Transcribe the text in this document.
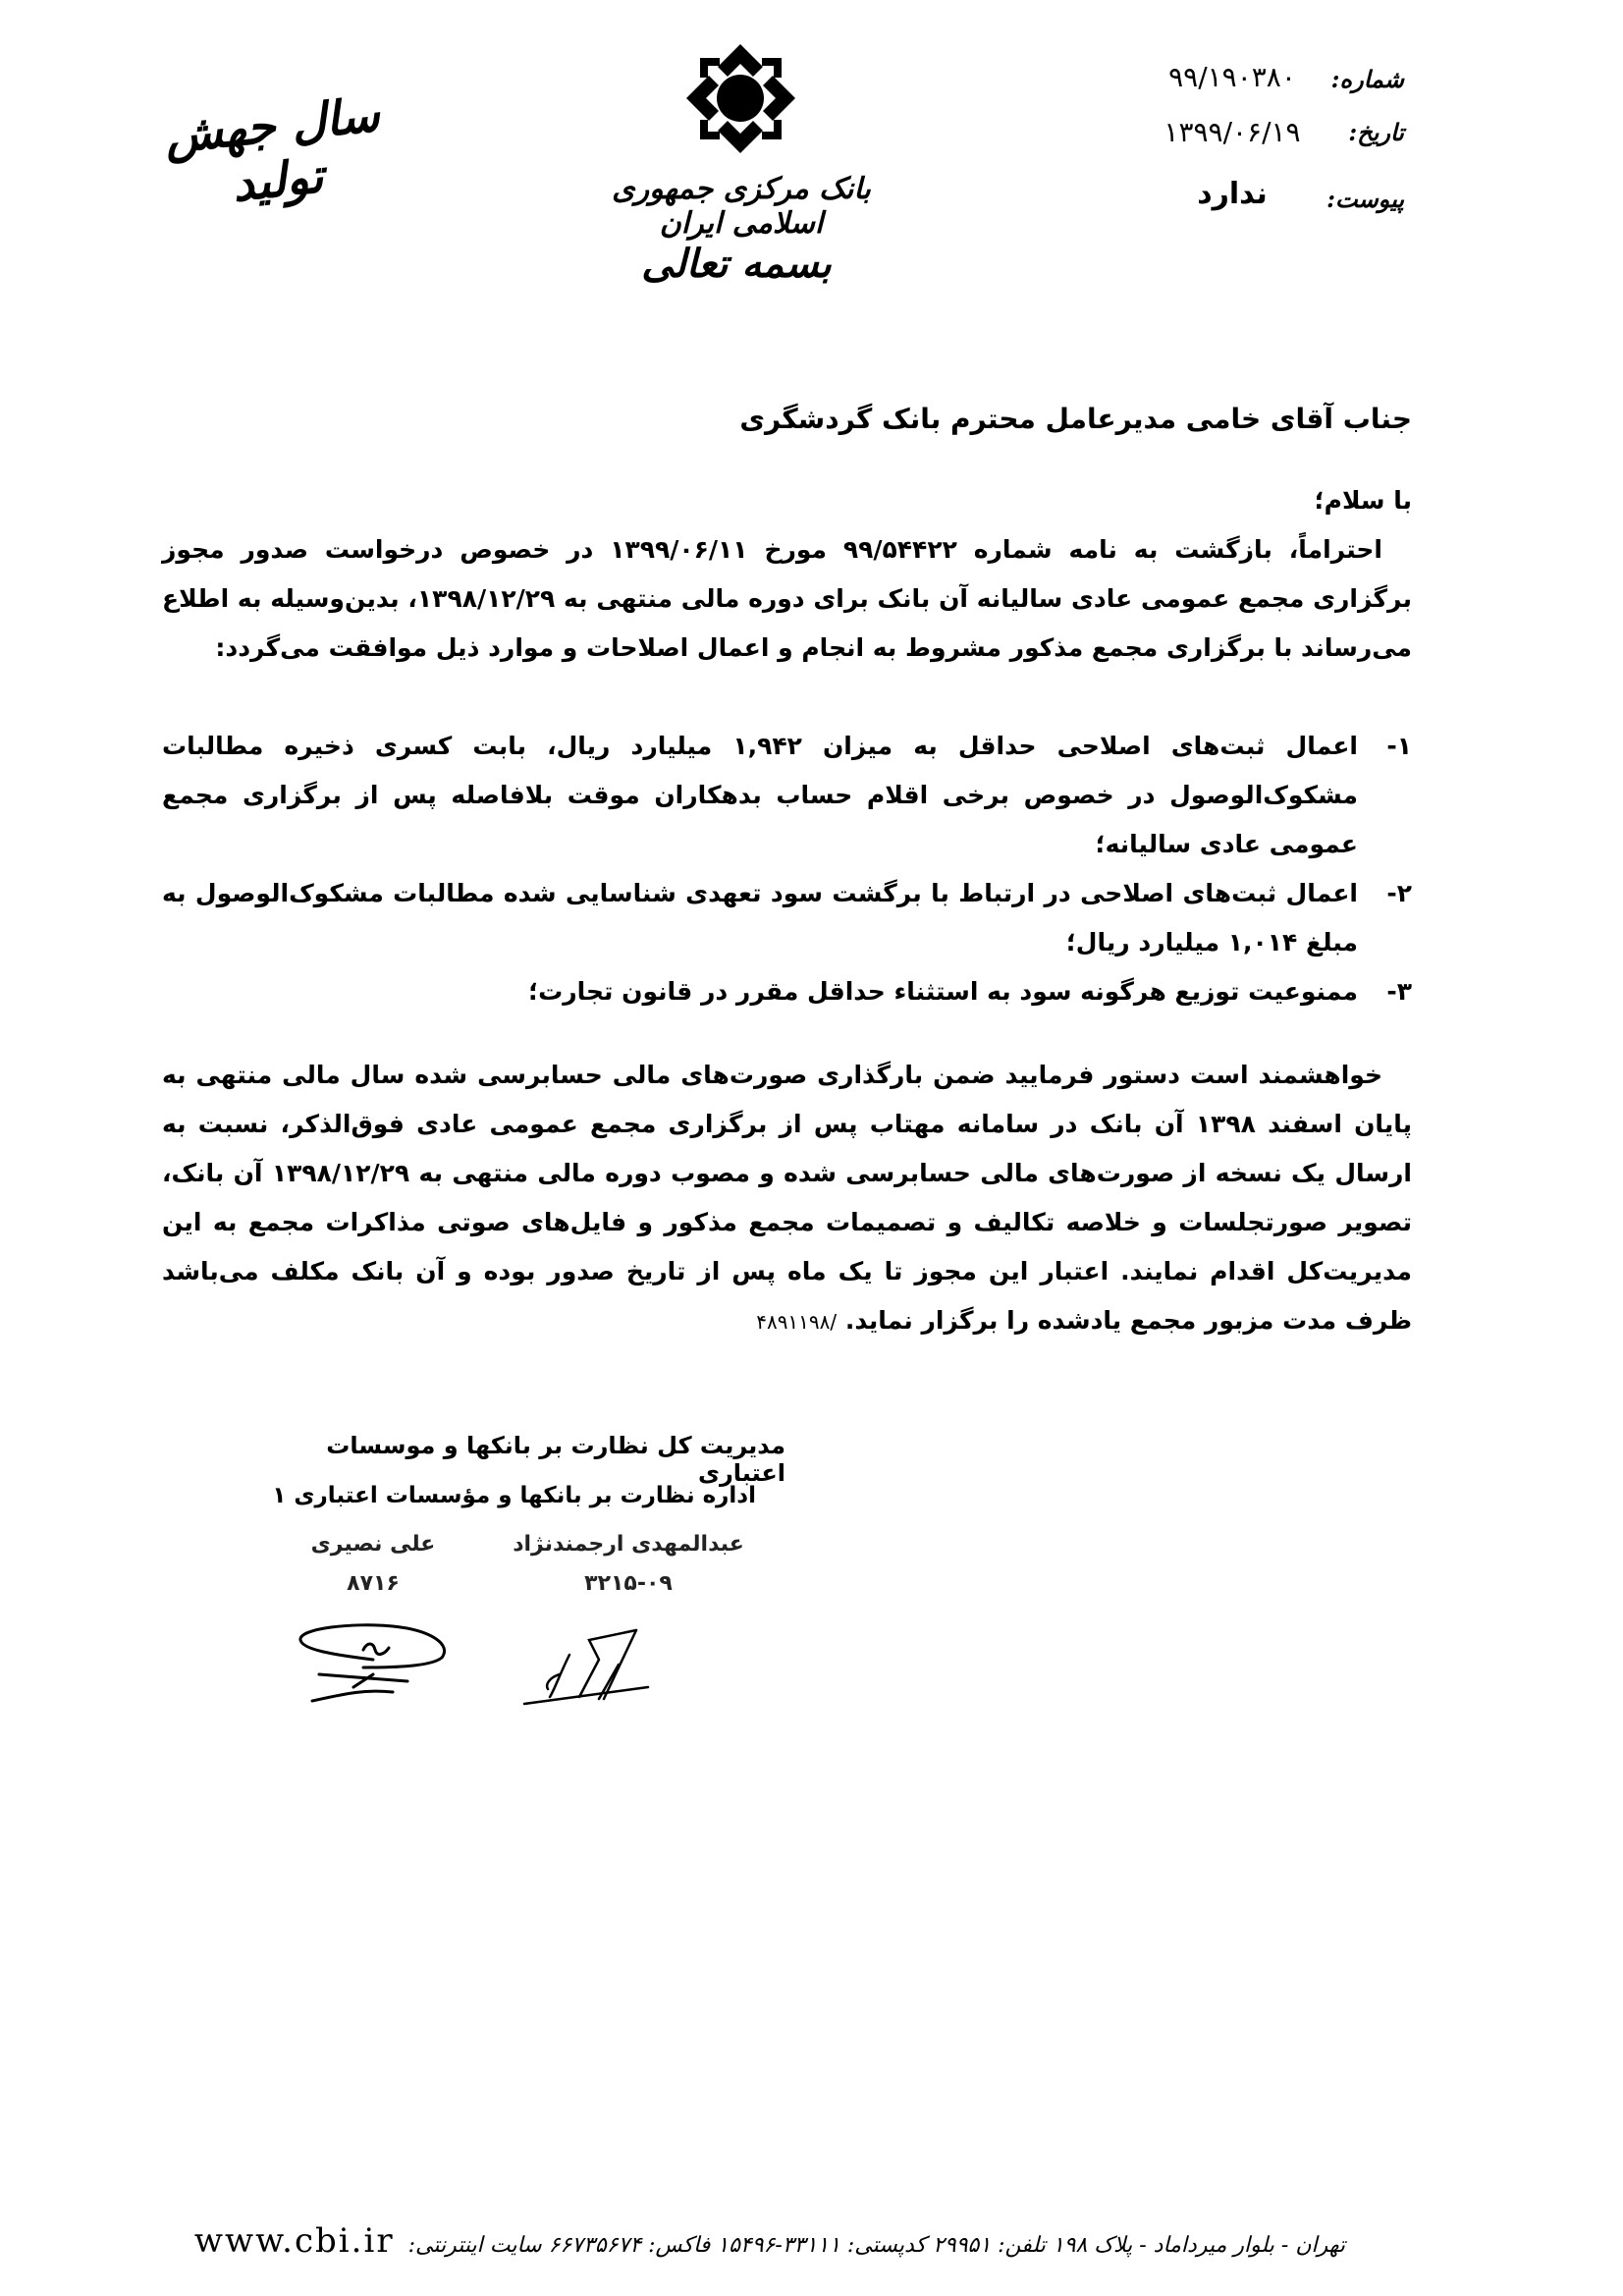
سال جهش تولید	بانک مرکزی جمهوری اسلامی ایران
بسمه تعالی
شماره:
۹۹/۱۹۰۳۸۰
تاریخ:
۱۳۹۹/۰۶/۱۹
پیوست:
ندارد
جناب آقای خامی مدیرعامل محترم بانک گردشگری
با سلام؛
احتراماً، بازگشت به نامه شماره ۹۹/۵۴۴۲۲ مورخ ۱۳۹۹/۰۶/۱۱ در خصوص درخواست صدور مجوز برگزاری مجمع عمومی عادی سالیانه آن بانک برای دوره مالی منتهی به ۱۳۹۸/۱۲/۲۹، بدین‌وسیله به اطلاع می‌رساند با برگزاری مجمع مذکور مشروط به انجام و اعمال اصلاحات و موارد ذیل موافقت می‌گردد:
۱-
اعمال ثبت‌های اصلاحی حداقل به میزان ۱,۹۴۲ میلیارد ریال، بابت کسری ذخیره مطالبات مشکوک‌الوصول در خصوص برخی اقلام حساب بدهکاران موقت بلافاصله پس از برگزاری مجمع عمومی عادی سالیانه؛
۲-
اعمال ثبت‌های اصلاحی در ارتباط با برگشت سود تعهدی شناسایی شده مطالبات مشکوک‌الوصول به مبلغ ۱,۰۱۴ میلیارد ریال؛
۳-
ممنوعیت توزیع هرگونه سود به استثناء حداقل مقرر در قانون تجارت؛
خواهشمند است دستور فرمایید ضمن بارگذاری صورت‌های مالی حسابرسی شده سال مالی منتهی به پایان اسفند ۱۳۹۸ آن بانک در سامانه مهتاب پس از برگزاری مجمع عمومی عادی فوق‌الذکر، نسبت به ارسال یک نسخه از صورت‌های مالی حسابرسی شده و مصوب دوره مالی منتهی به ۱۳۹۸/۱۲/۲۹ آن بانک، تصویر صورتجلسات و خلاصه تکالیف و تصمیمات مجمع مذکور و فایل‌های صوتی مذاکرات مجمع به این مدیریت‌کل اقدام نمایند. اعتبار این مجوز تا یک ماه پس از تاریخ صدور بوده و آن بانک مکلف می‌باشد ظرف مدت مزبور مجمع یادشده را برگزار نماید. /۴۸۹۱۱۹۸
مدیریت کل نظارت بر بانکها و موسسات اعتباری
اداره نظارت بر بانکها و مؤسسات اعتباری ۱
عبدالمهدی ارجمندنژاد
۳۲۱۵-۰۹
علی نصیری
۸۷۱۶
تهران - بلوار میرداماد - پلاک ۱۹۸ تلفن: ۲۹۹۵۱ کدپستی: ۳۳۱۱۱-۱۵۴۹۶ فاکس: ۶۶۷۳۵۶۷۴ سایت اینترنتی:
www.cbi.ir
